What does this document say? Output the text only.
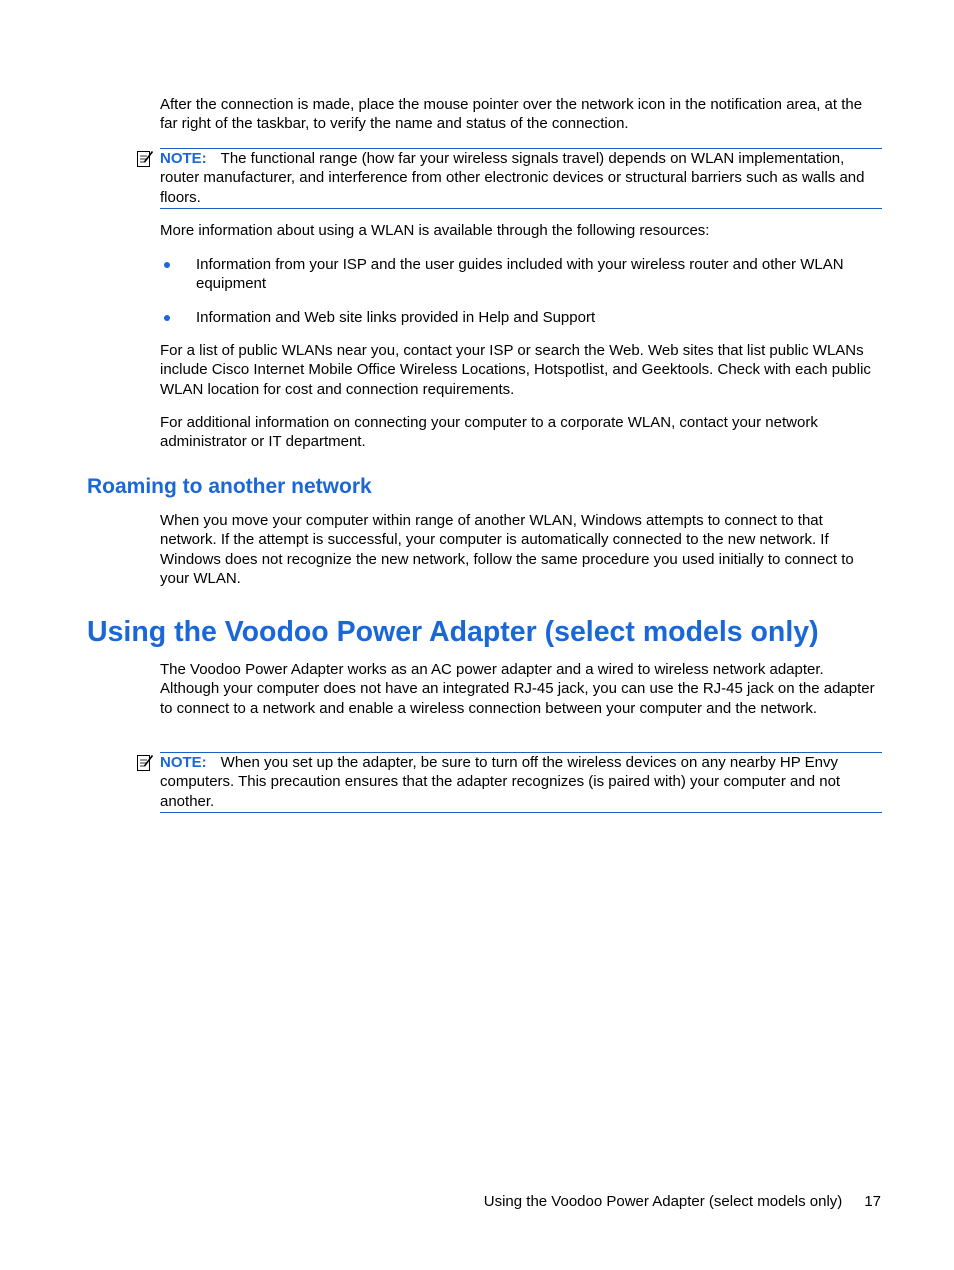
After the connection is made, place the mouse pointer over the network icon in the notification area, at the far right of the taskbar, to verify the name and status of the connection.

NOTE: The functional range (how far your wireless signals travel) depends on WLAN implementation, router manufacturer, and interference from other electronic devices or structural barriers such as walls and floors.

More information about using a WLAN is available through the following resources:

Information from your ISP and the user guides included with your wireless router and other WLAN equipment

Information and Web site links provided in Help and Support

For a list of public WLANs near you, contact your ISP or search the Web. Web sites that list public WLANs include Cisco Internet Mobile Office Wireless Locations, Hotspotlist, and Geektools. Check with each public WLAN location for cost and connection requirements.

For additional information on connecting your computer to a corporate WLAN, contact your network administrator or IT department.

Roaming to another network

When you move your computer within range of another WLAN, Windows attempts to connect to that network. If the attempt is successful, your computer is automatically connected to the new network. If Windows does not recognize the new network, follow the same procedure you used initially to connect to your WLAN.

Using the Voodoo Power Adapter (select models only)

The Voodoo Power Adapter works as an AC power adapter and a wired to wireless network adapter. Although your computer does not have an integrated RJ-45 jack, you can use the RJ-45 jack on the adapter to connect to a network and enable a wireless connection between your computer and the network.

NOTE: When you set up the adapter, be sure to turn off the wireless devices on any nearby HP Envy computers. This precaution ensures that the adapter recognizes (is paired with) your computer and not another.

Using the Voodoo Power Adapter (select models only) 17
